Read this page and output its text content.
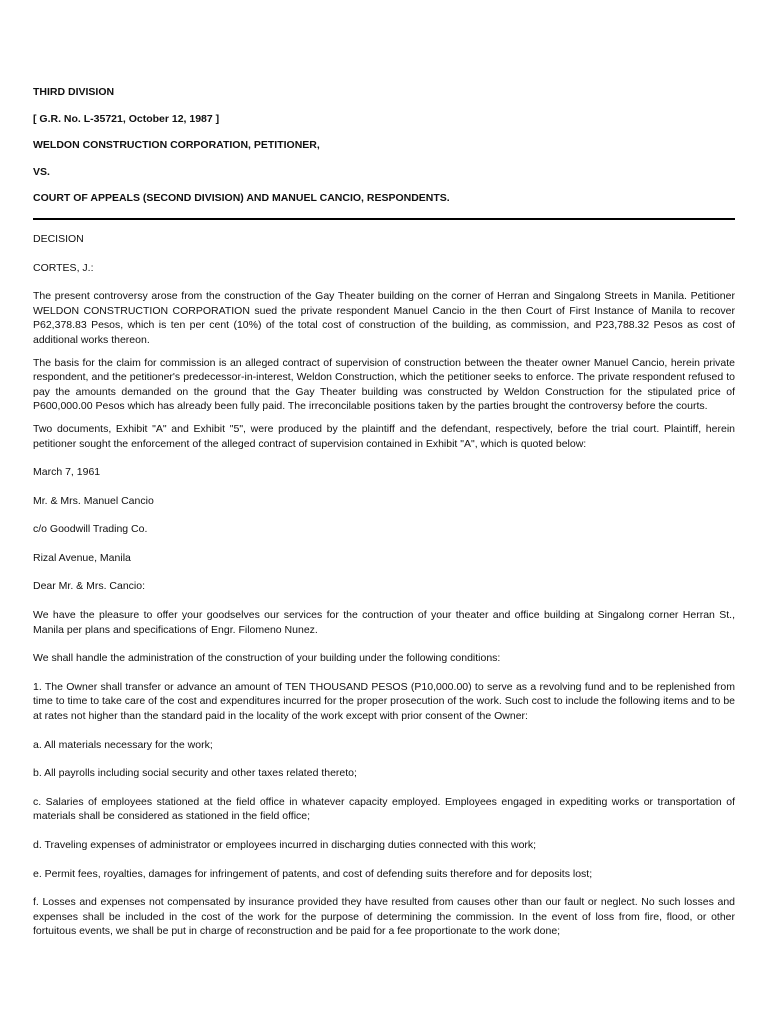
THIRD DIVISION
[ G.R. No. L-35721, October 12, 1987 ]
WELDON CONSTRUCTION CORPORATION, PETITIONER,
VS.
COURT OF APPEALS (SECOND DIVISION) AND MANUEL CANCIO, RESPONDENTS.

DECISION

CORTES, J.:

The present controversy arose from the construction of the Gay Theater building on the corner of Herran and Singalong Streets in Manila. Petitioner WELDON CONSTRUCTION CORPORATION sued the private respondent Manuel Cancio in the then Court of First Instance of Manila to recover P62,378.83 Pesos, which is ten per cent (10%) of the total cost of construction of the building, as commission, and P23,788.32 Pesos as cost of additional works thereon.

The basis for the claim for commission is an alleged contract of supervision of construction between the theater owner Manuel Cancio, herein private respondent, and the petitioner's predecessor-in-interest, Weldon Construction, which the petitioner seeks to enforce. The private respondent refused to pay the amounts demanded on the ground that the Gay Theater building was constructed by Weldon Construction for the stipulated price of P600,000.00 Pesos which has already been fully paid. The irreconcilable positions taken by the parties brought the controversy before the courts.

Two documents, Exhibit "A" and Exhibit "5", were produced by the plaintiff and the defendant, respectively, before the trial court. Plaintiff, herein petitioner sought the enforcement of the alleged contract of supervision contained in Exhibit "A", which is quoted below:

March 7, 1961

Mr. & Mrs. Manuel Cancio

c/o Goodwill Trading Co.

Rizal Avenue, Manila

Dear Mr. & Mrs. Cancio:

We have the pleasure to offer your goodselves our services for the contruction of your theater and office building at Singalong corner Herran St., Manila per plans and specifications of Engr. Filomeno Nunez.

We shall handle the administration of the construction of your building under the following conditions:

1. The Owner shall transfer or advance an amount of TEN THOUSAND PESOS (P10,000.00) to serve as a revolving fund and to be replenished from time to time to take care of the cost and expenditures incurred for the proper prosecution of the work. Such cost to include the following items and to be at rates not higher than the standard paid in the locality of the work except with prior consent of the Owner:

a. All materials necessary for the work;

b. All payrolls including social security and other taxes related thereto;

c. Salaries of employees stationed at the field office in whatever capacity employed. Employees engaged in expediting works or transportation of materials shall be considered as stationed in the field office;

d. Traveling expenses of administrator or employees incurred in discharging duties connected with this work;

e. Permit fees, royalties, damages for infringement of patents, and cost of defending suits therefore and for deposits lost;

f. Losses and expenses not compensated by insurance provided they have resulted from causes other than our fault or neglect. No such losses and expenses shall be included in the cost of the work for the purpose of determining the commission. In the event of loss from fire, flood, or other fortuitous events, we shall be put in charge of reconstruction and be paid for a fee proportionate to the work done;
